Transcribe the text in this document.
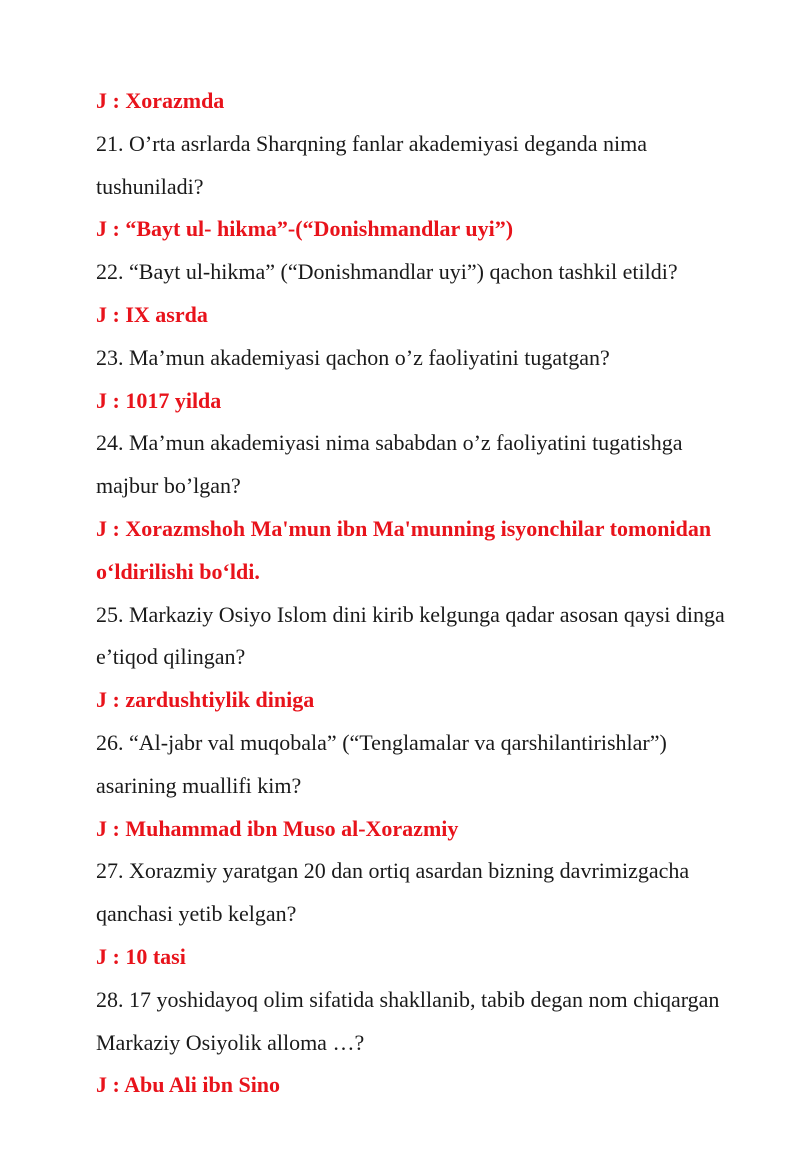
J : Xorazmda

21. O’rta asrlarda Sharqning fanlar akademiyasi deganda nima

tushuniladi?

J : “Bayt ul- hikma”-(“Donishmandlar uyi”)

22. “Bayt ul-hikma” (“Donishmandlar uyi”) qachon tashkil etildi?

J : IX asrda

23. Ma’mun akademiyasi qachon o’z faoliyatini tugatgan?

J : 1017 yilda

24. Ma’mun akademiyasi nima sababdan o’z faoliyatini tugatishga

majbur bo’lgan?

J : Xorazmshoh Ma'mun ibn Ma'munning isyonchilar tomonidan

o‘ldirilishi bo‘ldi.

25. Markaziy Osiyo Islom dini kirib kelgunga qadar asosan qaysi dinga

e’tiqod qilingan?

J : zardushtiylik diniga

26. “Al-jabr val muqobala” (“Tenglamalar va qarshilantirishlar”)

asarining muallifi kim?

J : Muhammad ibn Muso al-Xorazmiy

27. Xorazmiy yaratgan 20 dan ortiq asardan bizning davrimizgacha

qanchasi yetib kelgan?

J : 10 tasi

28. 17 yoshidayoq olim sifatida shakllanib, tabib degan nom chiqargan

Markaziy Osiyolik alloma …?

J : Abu Ali ibn Sino
